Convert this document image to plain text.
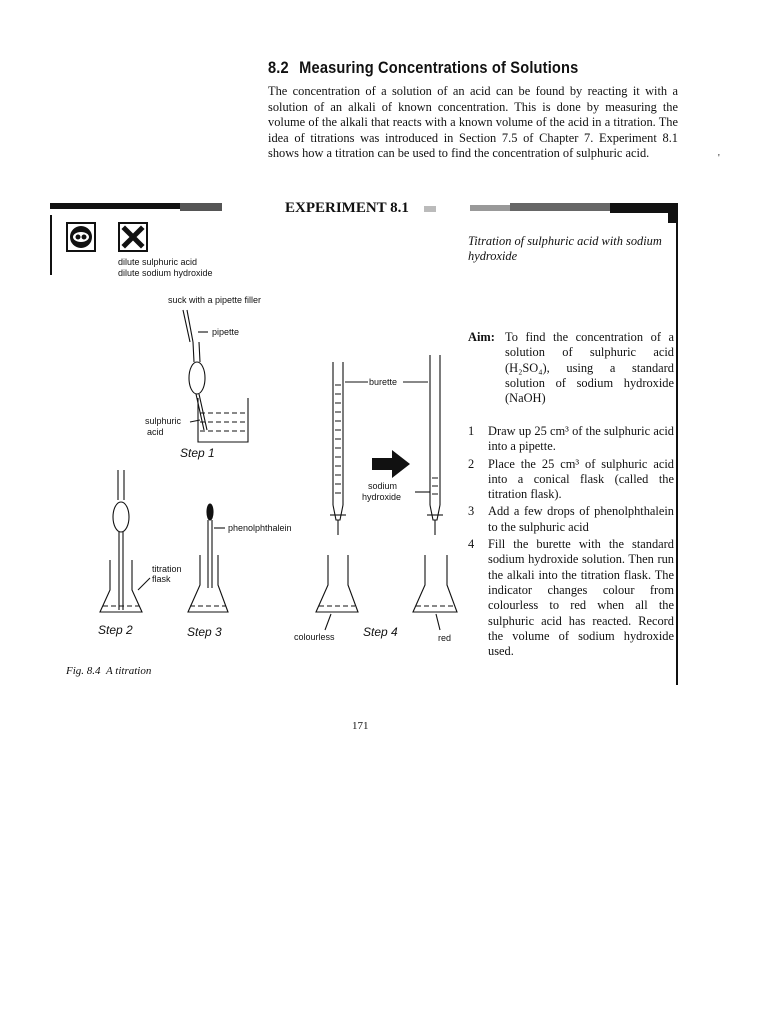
8.2 Measuring Concentrations of Solutions
The concentration of a solution of an acid can be found by reacting it with a solution of an alkali of known concentration. This is done by measuring the volume of the alkali that reacts with a known volume of the acid in a titration. The idea of titrations was introduced in Section 7.5 of Chapter 7. Experiment 8.1 shows how a titration can be used to find the concentration of sulphuric acid.	'
EXPERIMENT 8.1
dilute sulphuric acid
dilute sodium hydroxide
Titration of sulphuric acid with sodium hydroxide
Aim: To find the concentration of a solution of sulphuric acid (H₂SO₄), using a standard solution of sodium hydroxide (NaOH)
1	Draw up 25 cm³ of the sulphuric acid into a pipette.
2	Place the 25 cm³ of sulphuric acid into a conical flask (called the titration flask).
3	Add a few drops of phenolphthalein to the sulphuric acid
4	Fill the burette with the standard sodium hydroxide solution. Then run the alkali into the titration flask. The indicator changes colour from colourless to red when all the sulphuric acid has reacted. Record the volume of sodium hydroxide used.
suck with a pipette filler
pipette
sulphuric
acid
Step 1
titration
flask
phenolphthalein
Step 2	Step 3
burette
sodium
hydroxide
colourless Step 4	red
Fig. 8.4 A titration
171
